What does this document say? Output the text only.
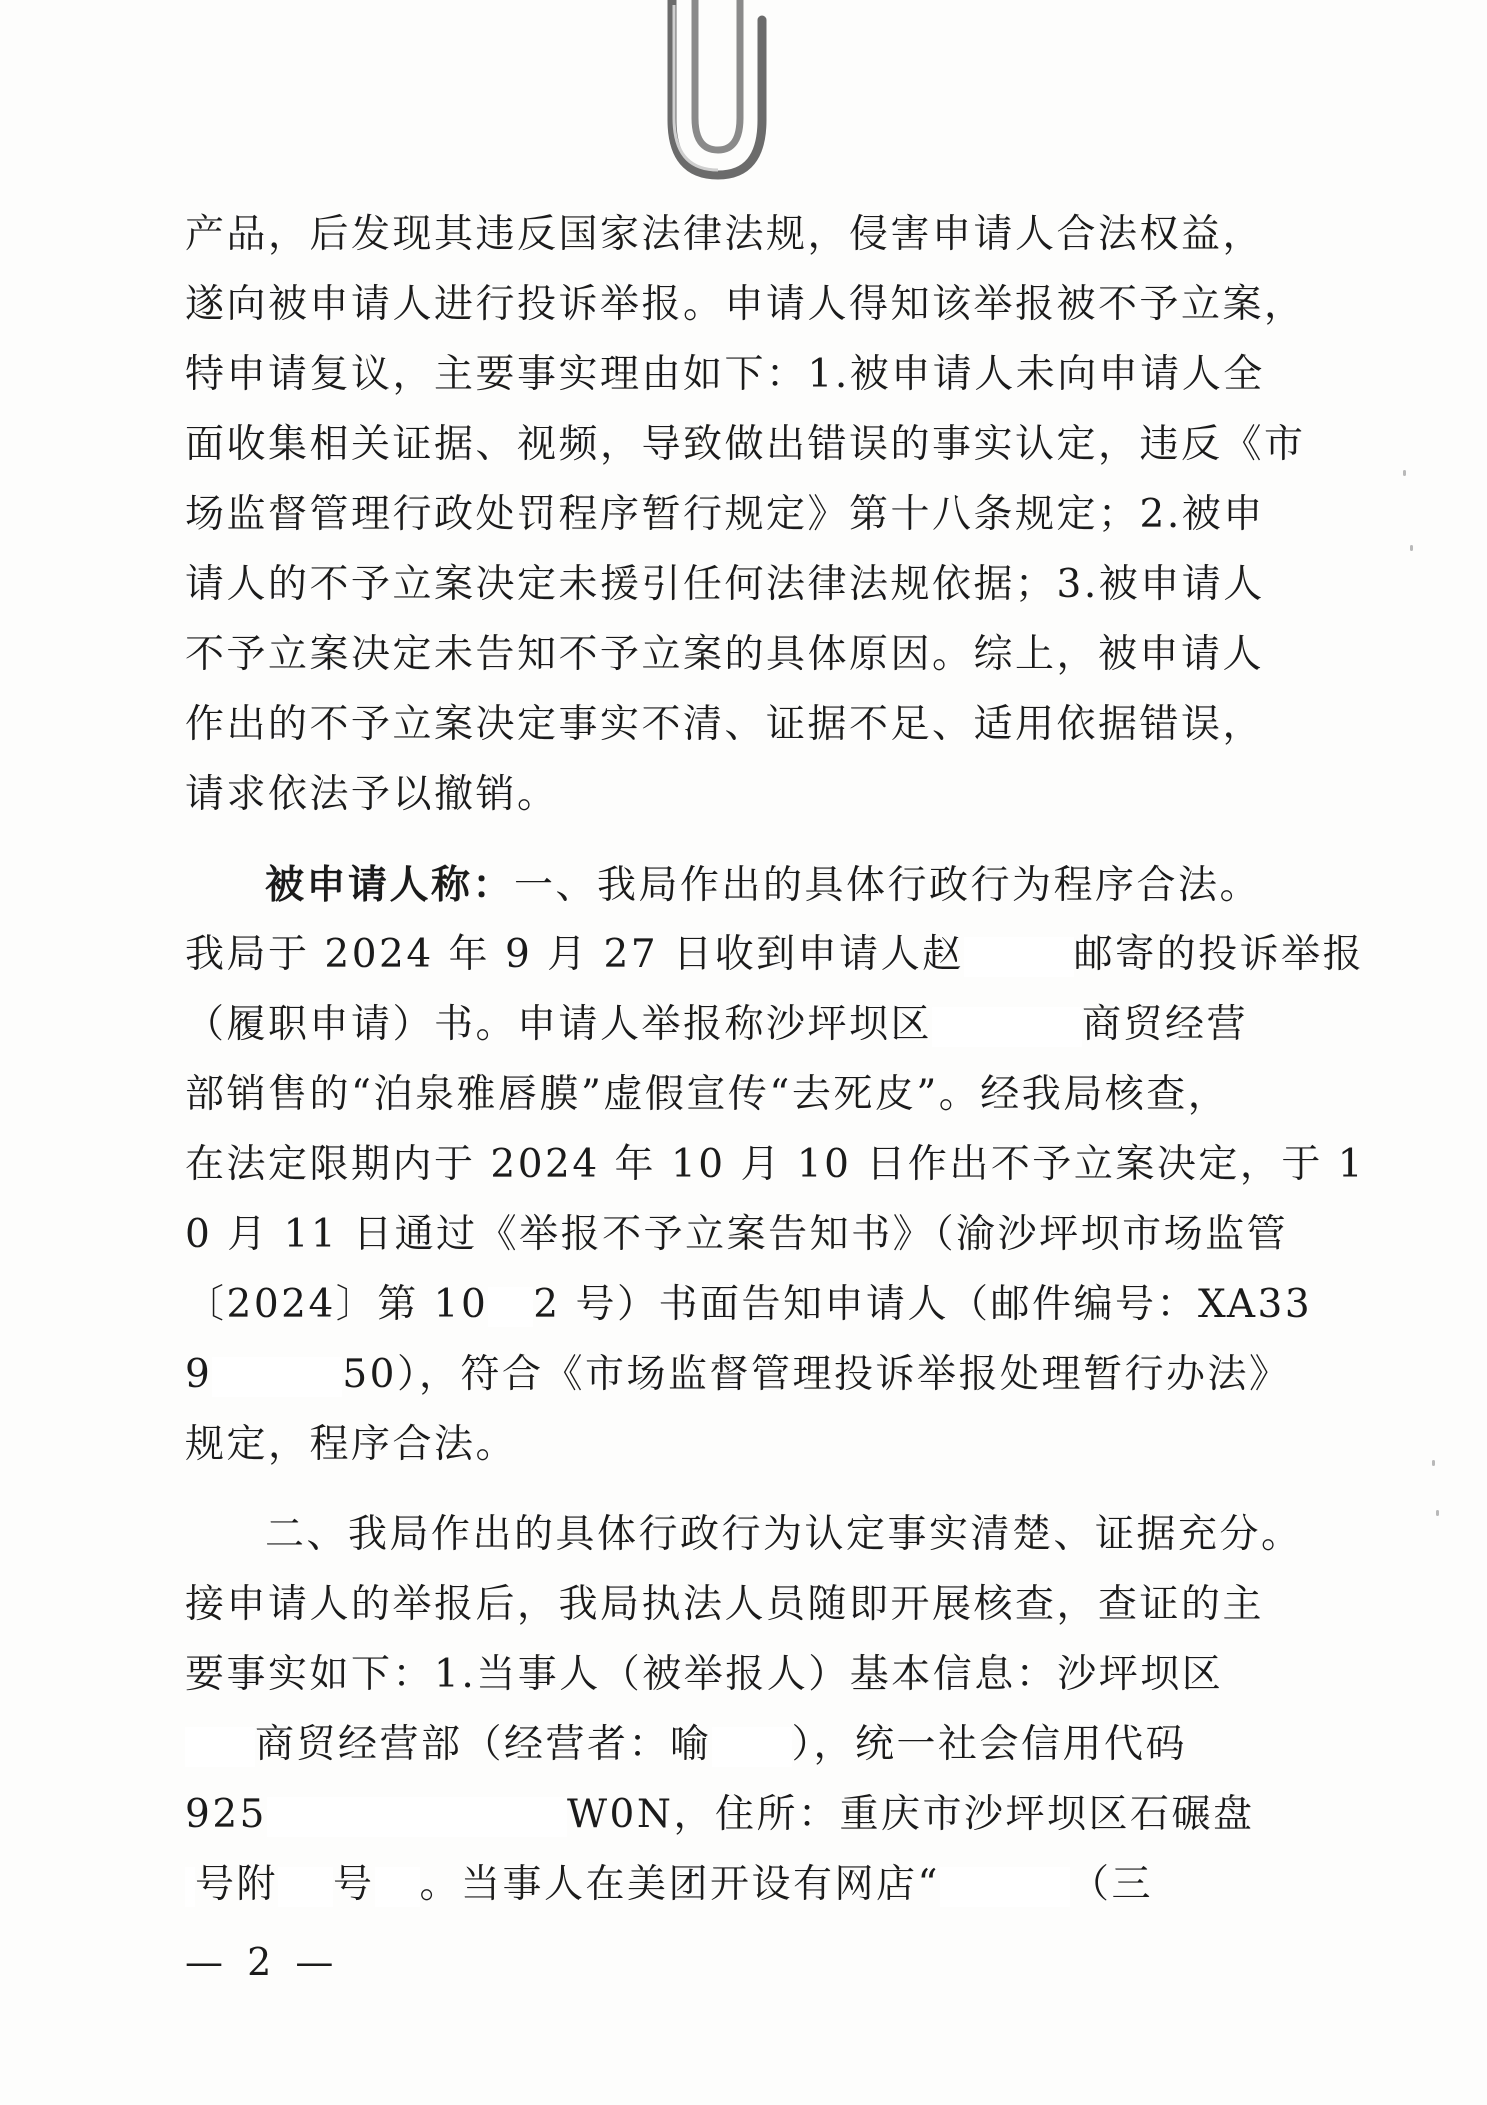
产品，后发现其违反国家法律法规，侵害申请人合法权益，
遂向被申请人进行投诉举报。申请人得知该举报被不予立案，
特申请复议，主要事实理由如下：1.被申请人未向申请人全
面收集相关证据、视频，导致做出错误的事实认定，违反《市
场监督管理行政处罚程序暂行规定》第十八条规定；2.被申
请人的不予立案决定未援引任何法律法规依据；3.被申请人
不予立案决定未告知不予立案的具体原因。综上，被申请人
作出的不予立案决定事实不清、证据不足、适用依据错误，
请求依法予以撤销。
被申请人称：一、我局作出的具体行政行为程序合法。
我局于 2024 年 9 月 27 日收到申请人赵	邮寄的投诉举报
（履职申请）书。申请人举报称沙坪坝区	商贸经营
部销售的“泊泉雅唇膜”虚假宣传“去死皮”。经我局核查，
在法定限期内于 2024 年 10 月 10 日作出不予立案决定，于 1
0 月 11 日通过《举报不予立案告知书》（渝沙坪坝市场监管
〔2024〕第 10 2 号）书面告知申请人（邮件编号：XA33
9	50），符合《市场监督管理投诉举报处理暂行办法》
规定，程序合法。
二、我局作出的具体行政行为认定事实清楚、证据充分。
接申请人的举报后，我局执法人员随即开展核查，查证的主
要事实如下：1.当事人（被举报人）基本信息：沙坪坝区
商贸经营部（经营者：喻 ），统一社会信用代码
925	W0N，住所：重庆市沙坪坝区石碾盘
号附 号 。当事人在美团开设有网店“	（三
— 2 —
